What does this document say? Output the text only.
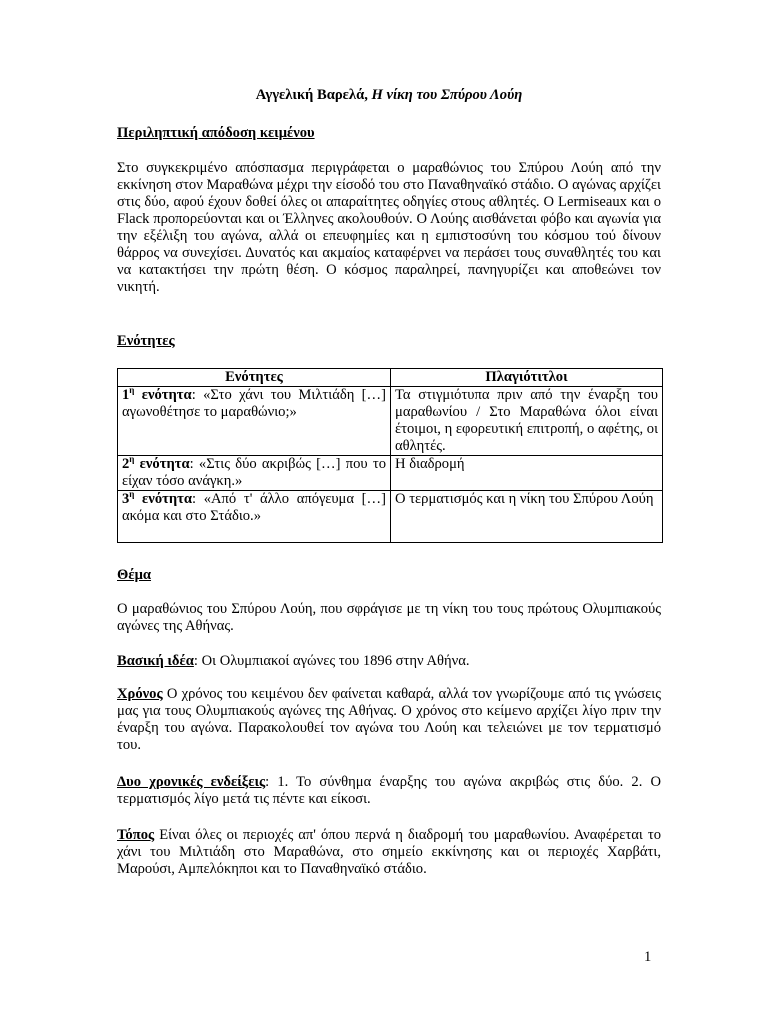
Αγγελική Βαρελά, Η νίκη του Σπύρου Λούη
Περιληπτική απόδοση κειμένου

Στο συγκεκριμένο απόσπασμα περιγράφεται ο μαραθώνιος του Σπύρου Λούη από την εκκίνηση στον Μαραθώνα μέχρι την είσοδό του στο Παναθηναϊκό στάδιο. Ο αγώνας αρχίζει στις δύο, αφού έχουν δοθεί όλες οι απαραίτητες οδηγίες στους αθλητές. Ο Lermiseaux και ο Flack προπορεύονται και οι Έλληνες ακολουθούν. Ο Λούης αισθάνεται φόβο και αγωνία για την εξέλιξη του αγώνα, αλλά οι επευφημίες και η εμπιστοσύνη του κόσμου τού δίνουν θάρρος να συνεχίσει. Δυνατός και ακμαίος καταφέρνει να περάσει τους συναθλητές του και να κατακτήσει την πρώτη θέση. Ο κόσμος παραληρεί, πανηγυρίζει και αποθεώνει τον νικητή.

Ενότητες
Ενότητες	Πλαγιότιτλοι
$1^\eta$ ενότητα: «Στο χάνι του Μιλτιάδη […] αγωνοθέτησε το μαραθώνιο;»	Τα στιγμιότυπα πριν από την έναρξη του μαραθωνίου / Στο Μαραθώνα όλοι είναι έτοιμοι, η εφορευτική επιτροπή, ο αφέτης, οι αθλητές.
$2^\eta$ ενότητα: «Στις δύο ακριβώς […] που το είχαν τόσο ανάγκη.»	Η διαδρομή
$3^\eta$ ενότητα: «Από τ' άλλο απόγευμα […] ακόμα και στο Στάδιο.»	Ο τερματισμός και η νίκη του Σπύρου Λούη
Θέμα

Ο μαραθώνιος του Σπύρου Λούη, που σφράγισε με τη νίκη του τους πρώτους Ολυμπιακούς αγώνες της Αθήνας.

Βασική ιδέα: Οι Ολυμπιακοί αγώνες του 1896 στην Αθήνα.

Χρόνος Ο χρόνος του κειμένου δεν φαίνεται καθαρά, αλλά τον γνωρίζουμε από τις γνώσεις μας για τους Ολυμπιακούς αγώνες της Αθήνας. Ο χρόνος στο κείμενο αρχίζει λίγο πριν την έναρξη του αγώνα. Παρακολουθεί τον αγώνα του Λούη και τελειώνει με τον τερματισμό του.

Δυο χρονικές ενδείξεις: 1. Το σύνθημα έναρξης του αγώνα ακριβώς στις δύο. 2. Ο τερματισμός λίγο μετά τις πέντε και είκοσι.

Τόπος Είναι όλες οι περιοχές απ' όπου περνά η διαδρομή του μαραθωνίου. Αναφέρεται το χάνι του Μιλτιάδη στο Μαραθώνα, στο σημείο εκκίνησης και οι περιοχές Χαρβάτι, Μαρούσι, Αμπελόκηποι και το Παναθηναϊκό στάδιο.

1
